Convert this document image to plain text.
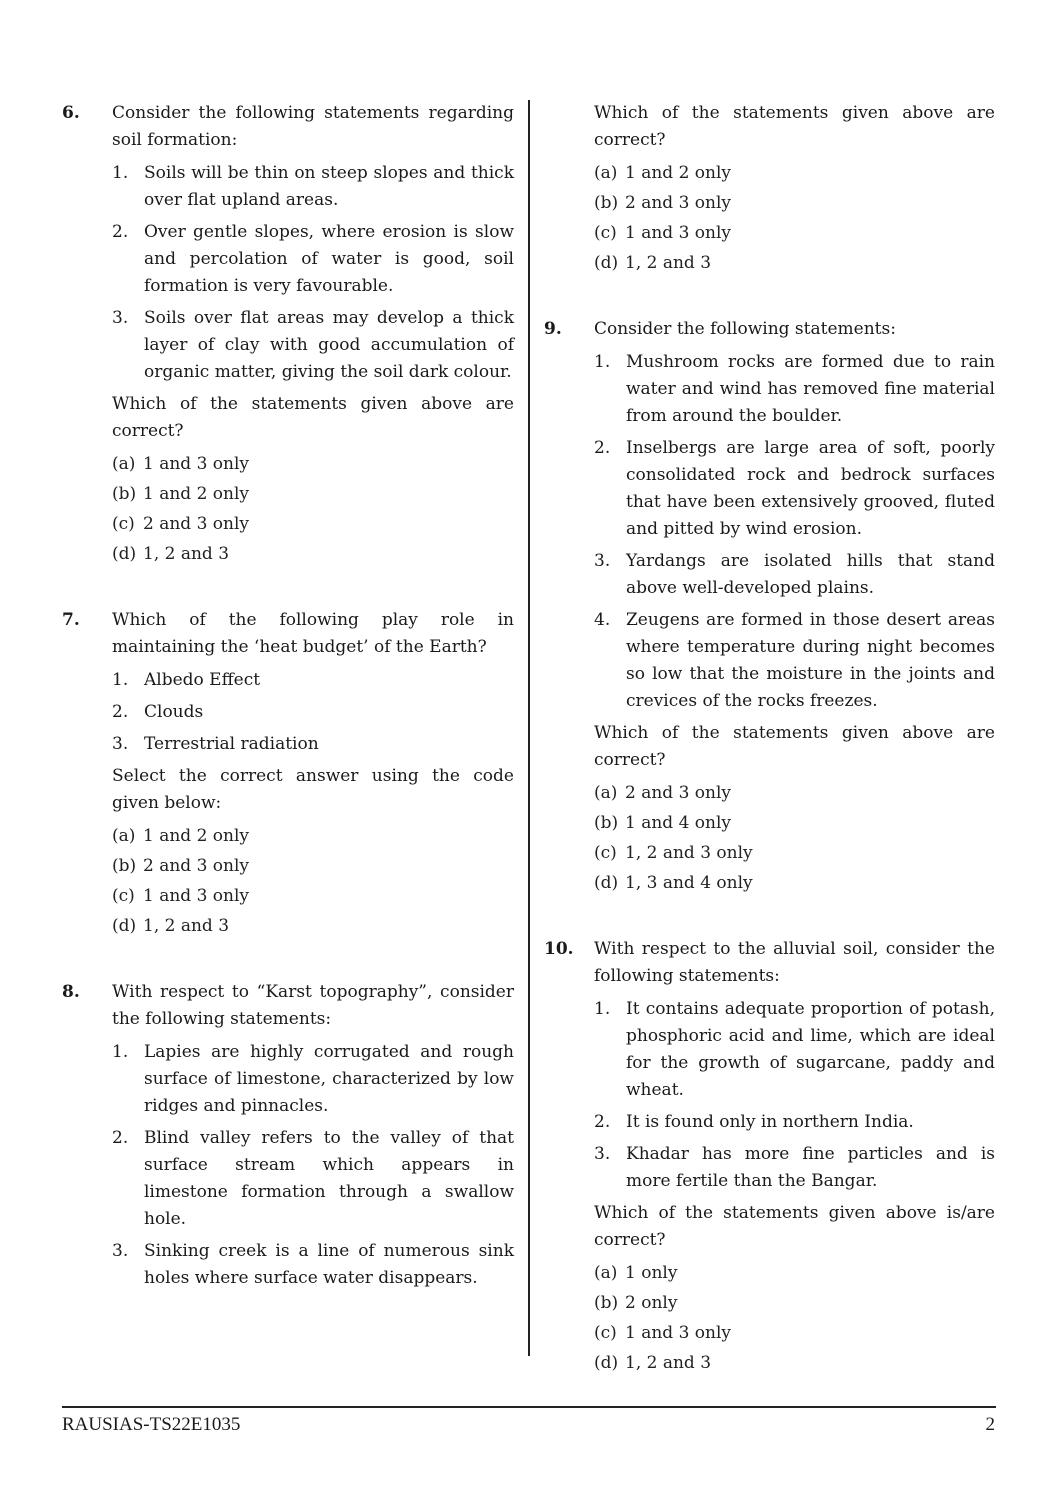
6. Consider the following statements regarding soil formation:

1. Soils will be thin on steep slopes and thick over flat upland areas.
2. Over gentle slopes, where erosion is slow and percolation of water is good, soil formation is very favourable.
3. Soils over flat areas may develop a thick layer of clay with good accumulation of organic matter, giving the soil dark colour.

Which of the statements given above are correct?

(a) 1 and 3 only
(b) 1 and 2 only
(c) 2 and 3 only
(d) 1, 2 and 3
7. Which of the following play role in maintaining the ‘heat budget’ of the Earth?

1. Albedo Effect
2. Clouds
3. Terrestrial radiation

Select the correct answer using the code given below:

(a) 1 and 2 only
(b) 2 and 3 only
(c) 1 and 3 only
(d) 1, 2 and 3
8. With respect to “Karst topography”, consider the following statements:

1. Lapies are highly corrugated and rough surface of limestone, characterized by low ridges and pinnacles.
2. Blind valley refers to the valley of that surface stream which appears in limestone formation through a swallow hole.
3. Sinking creek is a line of numerous sink holes where surface water disappears.

Which of the statements given above are correct?

(a) 1 and 2 only
(b) 2 and 3 only
(c) 1 and 3 only
(d) 1, 2 and 3
9. Consider the following statements:

1. Mushroom rocks are formed due to rain water and wind has removed fine material from around the boulder.
2. Inselbergs are large area of soft, poorly consolidated rock and bedrock surfaces that have been extensively grooved, fluted and pitted by wind erosion.
3. Yardangs are isolated hills that stand above well-developed plains.
4. Zeugens are formed in those desert areas where temperature during night becomes so low that the moisture in the joints and crevices of the rocks freezes.

Which of the statements given above are correct?

(a) 2 and 3 only
(b) 1 and 4 only
(c) 1, 2 and 3 only
(d) 1, 3 and 4 only
10. With respect to the alluvial soil, consider the following statements:

1. It contains adequate proportion of potash, phosphoric acid and lime, which are ideal for the growth of sugarcane, paddy and wheat.
2. It is found only in northern India.
3. Khadar has more fine particles and is more fertile than the Bangar.

Which of the statements given above is/are correct?

(a) 1 only
(b) 2 only
(c) 1 and 3 only
(d) 1, 2 and 3
RAUSIAS-TS22E1035	2
